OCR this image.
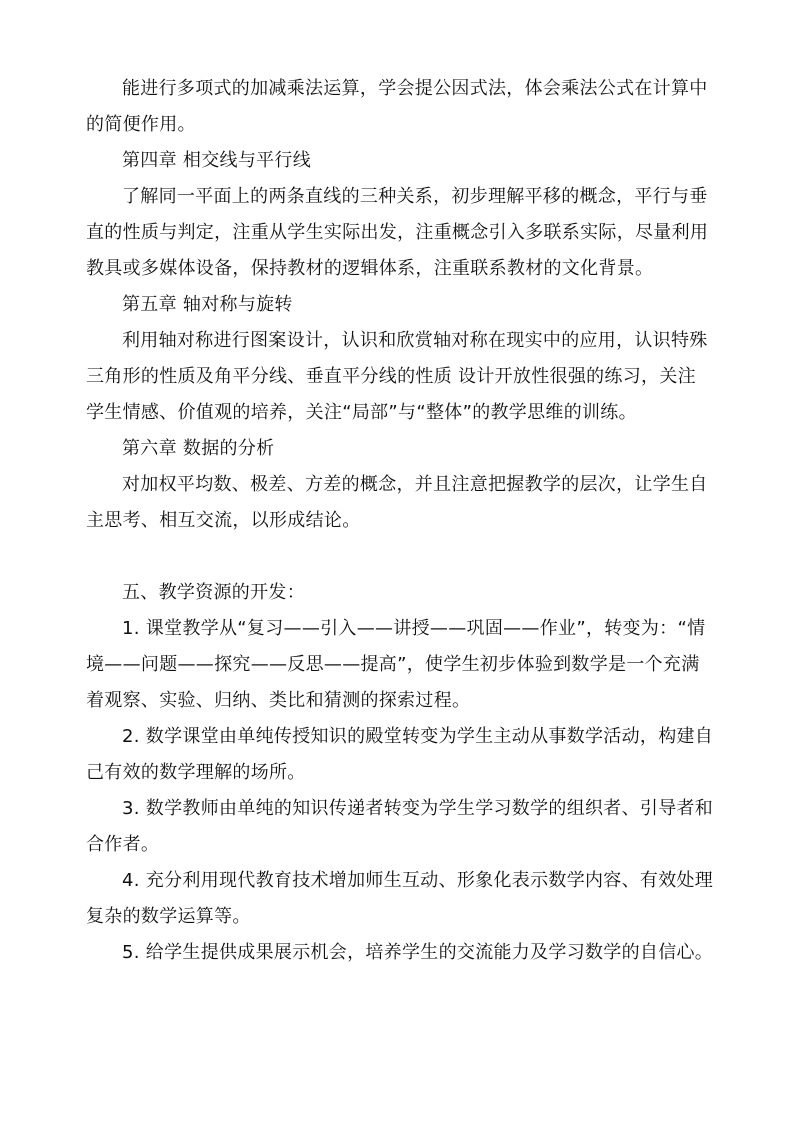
能进行多项式的加减乘法运算，学会提公因式法，体会乘法公式在计算中
的简便作用。
第四章 相交线与平行线
了解同一平面上的两条直线的三种关系，初步理解平移的概念，平行与垂
直的性质与判定，注重从学生实际出发，注重概念引入多联系实际，尽量利用
教具或多媒体设备，保持教材的逻辑体系，注重联系教材的文化背景。
第五章 轴对称与旋转
利用轴对称进行图案设计，认识和欣赏轴对称在现实中的应用，认识特殊
三角形的性质及角平分线、垂直平分线的性质 设计开放性很强的练习，关注
学生情感、价值观的培养，关注“局部”与“整体”的教学思维的训练。
第六章 数据的分析
对加权平均数、极差、方差的概念，并且注意把握教学的层次，让学生自
主思考、相互交流，以形成结论。
五、教学资源的开发：
1. 课堂教学从“复习——引入——讲授——巩固——作业”，转变为：“情
境——问题——探究——反思——提高”，使学生初步体验到数学是一个充满
着观察、实验、归纳、类比和猜测的探索过程。
2. 数学课堂由单纯传授知识的殿堂转变为学生主动从事数学活动，构建自
己有效的数学理解的场所。
3. 数学教师由单纯的知识传递者转变为学生学习数学的组织者、引导者和
合作者。
4. 充分利用现代教育技术增加师生互动、形象化表示数学内容、有效处理
复杂的数学运算等。
5. 给学生提供成果展示机会，培养学生的交流能力及学习数学的自信心。
